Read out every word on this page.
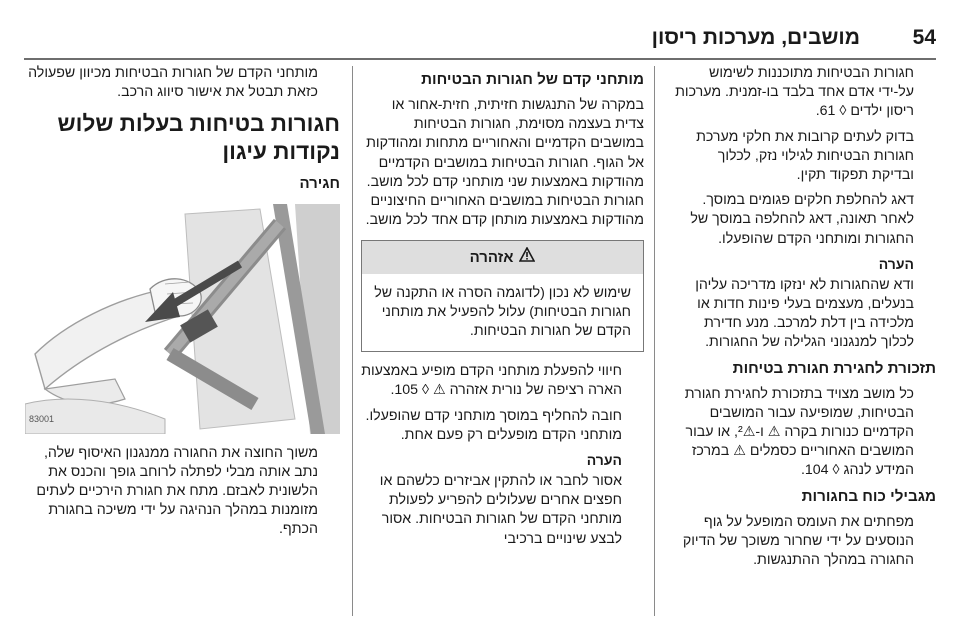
54
מושבים, מערכות ריסון

חגורות הבטיחות מתוכננות לשימוש על-ידי אדם אחד בלבד בו-זמנית. מערכות ריסון ילדים ◊ 61.

בדוק לעתים קרובות את חלקי מערכת חגורות הבטיחות לגילוי נזק, לכלוך ובדיקת תפקוד תקין.

דאג להחלפת חלקים פגומים במוסך. לאחר תאונה, דאג להחלפה במוסך של החגורות ומותחני הקדם שהופעלו.

הערה

ודא שהחגורות לא ינזקו מדריכה עליהן בנעלים, מעצמים בעלי פינות חדות או מלכידה בין דלת למרכב. מנע חדירת לכלוך למנגנוני הגלילה של החגורות.

תזכורת לחגירת חגורת בטיחות

כל מושב מצויד בתזכורת לחגירת חגורת הבטיחות, שמופיעה עבור המושבים הקדמיים כנורות בקרה ⚠ ו-⚠², או עבור המושבים האחוריים כסמלים ⚠ במרכז המידע לנהג ◊ 104.

מגבילי כוח בחגורות

מפחתים את העומס המופעל על גוף הנוסעים על ידי שחרור משוכך של הדיוק החגורה במהלך ההתנגשות.

מותחני קדם של חגורות הבטיחות

במקרה של התנגשות חזיתית, חזית-אחור או צדית בעצמה מסוימת, חגורות הבטיחות במושבים הקדמיים והאחוריים מתחות ומהודקות אל הגוף. חגורות הבטיחות במושבים הקדמיים מהודקות באמצעות שני מותחני קדם לכל מושב. חגורות הבטיחות במושבים האחוריים החיצוניים מהודקות באמצעות מותחן קדם אחד לכל מושב.

אזהרה
שימוש לא נכון (לדוגמה הסרה או התקנה של חגורות הבטיחות) עלול להפעיל את מותחני הקדם של חגורות הבטיחות.

חיווי להפעלת מותחני הקדם מופיע באמצעות הארה רציפה של נורית אזהרה ⚠ ◊ 105.

חובה להחליף במוסך מותחני קדם שהופעלו. מותחני הקדם מופעלים רק פעם אחת.

הערה

אסור לחבר או להתקין אביזרים כלשהם או חפצים אחרים שעלולים להפריע לפעולת מותחני הקדם של חגורות הבטיחות. אסור לבצע שינויים ברכיבי

מותחני הקדם של חגורות הבטיחות מכיוון שפעולה כזאת תבטל את אישור סיווג הרכב.

חגורות בטיחות בעלות שלוש נקודות עיגון
חגירה
83001

משוך החוצה את החגורה ממנגנון האיסוף שלה, נתב אותה מבלי לפתלה לרוחב גופך והכנס את הלשונית לאבזם. מתח את חגורת הירכיים לעתים מזומנות במהלך הנהיגה על ידי משיכה בחגורת הכתף.
